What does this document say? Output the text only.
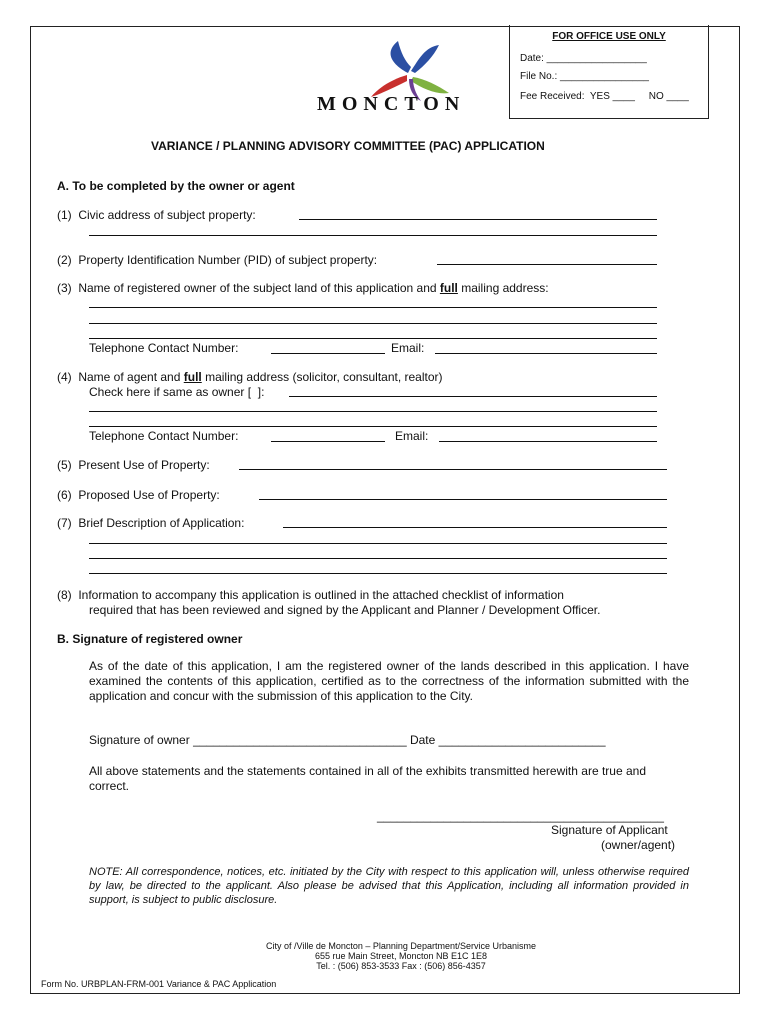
MONCTON
FOR OFFICE USE ONLY
Date: __________________
File No.: ________________
Fee Received:  YES ____     NO ____
VARIANCE / PLANNING ADVISORY COMMITTEE (PAC) APPLICATION
A. To be completed by the owner or agent
(1)  Civic address of subject property:
(2)  Property Identification Number (PID) of subject property:
(3)  Name of registered owner of the subject land of this application and full mailing address:
Telephone Contact Number:	Email:
(4)  Name of agent and full mailing address (solicitor, consultant, realtor)
Check here if same as owner [  ]:
Telephone Contact Number:	Email:
(5)  Present Use of Property:
(6)  Proposed Use of Property:
(7)  Brief Description of Application:
(8)  Information to accompany this application is outlined in the attached checklist of information
required that has been reviewed and signed by the Applicant and Planner / Development Officer.
B. Signature of registered owner
As of the date of this application, I am the registered owner of the lands described in this application. I have examined the contents of this application, certified as to the correctness of the information submitted with the application and concur with the submission of this application to the City.
Signature of owner ________________________________ Date _________________________
All above statements and the statements contained in all of the exhibits transmitted herewith are true and correct.
___________________________________________
Signature of Applicant
(owner/agent)
NOTE: All correspondence, notices, etc. initiated by the City with respect to this application will, unless otherwise required by law, be directed to the applicant. Also please be advised that this Application, including all information provided in support, is subject to public disclosure.
City of /Ville de Moncton – Planning Department/Service Urbanisme
655 rue Main Street, Moncton NB E1C 1E8
Tel. : (506) 853-3533 Fax : (506) 856-4357
Form No. URBPLAN-FRM-001 Variance & PAC Application
